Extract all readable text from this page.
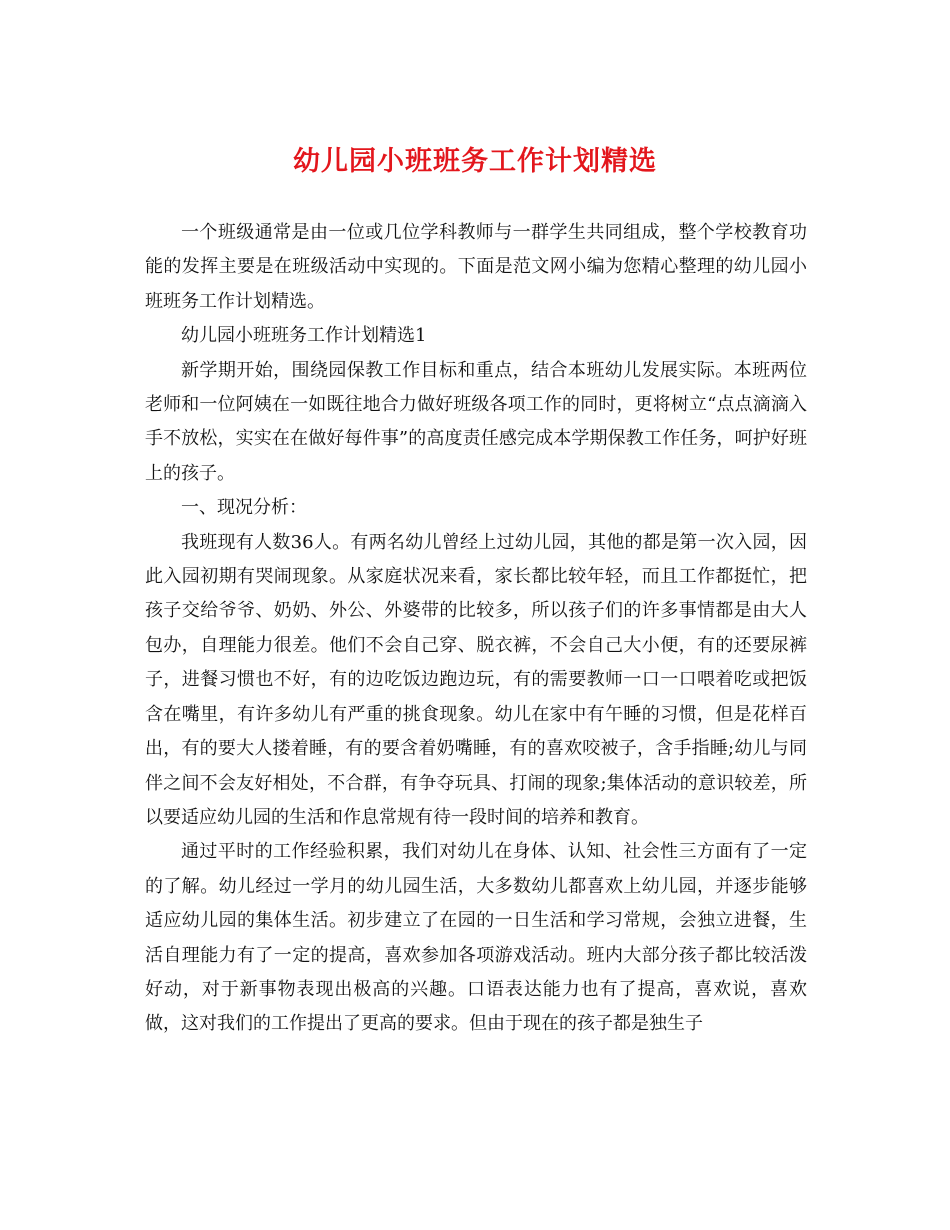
幼儿园小班班务工作计划精选

一个班级通常是由一位或几位学科教师与一群学生共同组成，整个学校教育功能的发挥主要是在班级活动中实现的。下面是范文网小编为您精心整理的幼儿园小班班务工作计划精选。

幼儿园小班班务工作计划精选1

新学期开始，围绕园保教工作目标和重点，结合本班幼儿发展实际。本班两位老师和一位阿姨在一如既往地合力做好班级各项工作的同时，更将树立“点点滴滴入手不放松，实实在在做好每件事”的高度责任感完成本学期保教工作任务，呵护好班上的孩子。

一、现况分析：

我班现有人数36人。有两名幼儿曾经上过幼儿园，其他的都是第一次入园，因此入园初期有哭闹现象。从家庭状况来看，家长都比较年轻，而且工作都挺忙，把孩子交给爷爷、奶奶、外公、外婆带的比较多，所以孩子们的许多事情都是由大人包办，自理能力很差。他们不会自己穿、脱衣裤，不会自己大小便，有的还要尿裤子，进餐习惯也不好，有的边吃饭边跑边玩，有的需要教师一口一口喂着吃或把饭含在嘴里，有许多幼儿有严重的挑食现象。幼儿在家中有午睡的习惯，但是花样百出，有的要大人搂着睡，有的要含着奶嘴睡，有的喜欢咬被子，含手指睡;幼儿与同伴之间不会友好相处，不合群，有争夺玩具、打闹的现象;集体活动的意识较差，所以要适应幼儿园的生活和作息常规有待一段时间的培养和教育。

通过平时的工作经验积累，我们对幼儿在身体、认知、社会性三方面有了一定的了解。幼儿经过一学月的幼儿园生活，大多数幼儿都喜欢上幼儿园，并逐步能够适应幼儿园的集体生活。初步建立了在园的一日生活和学习常规，会独立进餐，生活自理能力有了一定的提高，喜欢参加各项游戏活动。班内大部分孩子都比较活泼好动，对于新事物表现出极高的兴趣。口语表达能力也有了提高，喜欢说，喜欢做，这对我们的工作提出了更高的要求。但由于现在的孩子都是独生子
